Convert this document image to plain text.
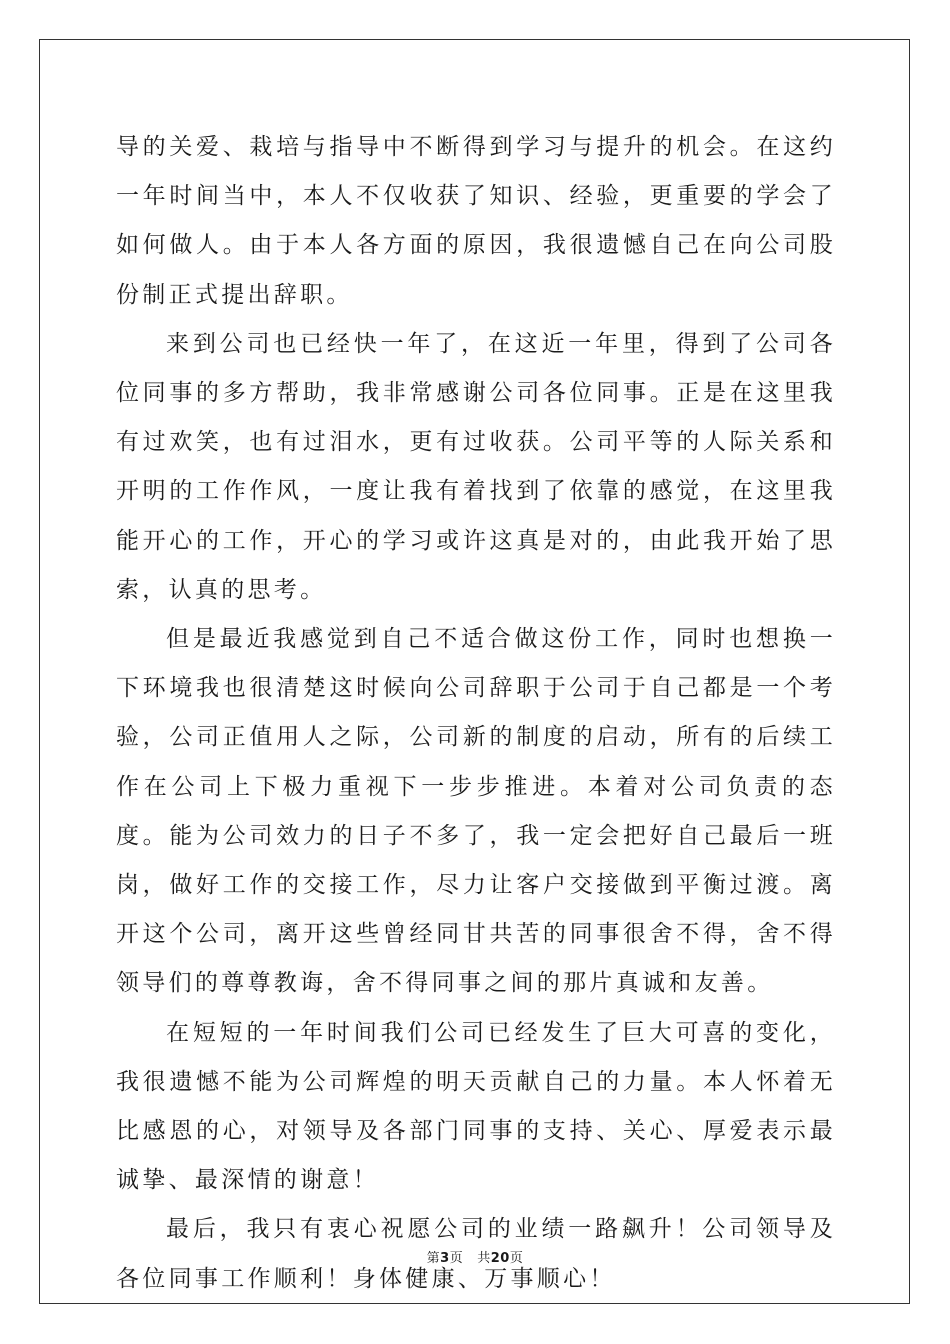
导的关爱、栽培与指导中不断得到学习与提升的机会。在这约一年时间当中，本人不仅收获了知识、经验，更重要的学会了如何做人。由于本人各方面的原因，我很遗憾自己在向公司股份制正式提出辞职。

来到公司也已经快一年了，在这近一年里，得到了公司各位同事的多方帮助，我非常感谢公司各位同事。正是在这里我有过欢笑，也有过泪水，更有过收获。公司平等的人际关系和开明的工作作风，一度让我有着找到了依靠的感觉，在这里我能开心的工作，开心的学习或许这真是对的，由此我开始了思索，认真的思考。

但是最近我感觉到自己不适合做这份工作，同时也想换一下环境我也很清楚这时候向公司辞职于公司于自己都是一个考验，公司正值用人之际，公司新的制度的启动，所有的后续工作在公司上下极力重视下一步步推进。本着对公司负责的态度。能为公司效力的日子不多了，我一定会把好自己最后一班岗，做好工作的交接工作，尽力让客户交接做到平衡过渡。离开这个公司，离开这些曾经同甘共苦的同事很舍不得，舍不得领导们的尊尊教诲，舍不得同事之间的那片真诚和友善。

在短短的一年时间我们公司已经发生了巨大可喜的变化，我很遗憾不能为公司辉煌的明天贡献自己的力量。本人怀着无比感恩的心，对领导及各部门同事的支持、关心、厚爱表示最诚挚、最深情的谢意！

最后，我只有衷心祝愿公司的业绩一路飙升！公司领导及各位同事工作顺利！身体健康、万事顺心！

第3页 共20页
